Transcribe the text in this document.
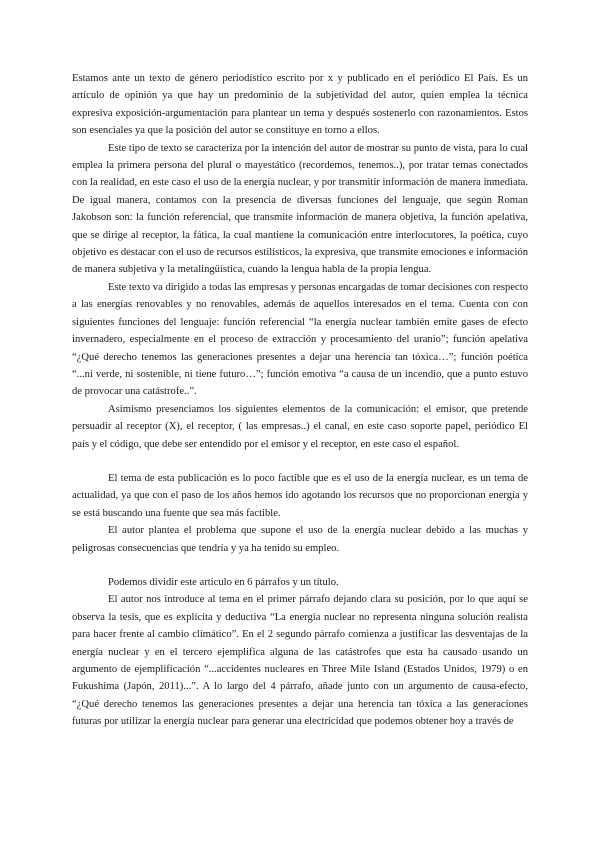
Estamos ante un texto de género periodístico escrito por x y publicado en el periódico El País. Es un artículo de opinión ya que hay un predominio de la subjetividad del autor, quien emplea la técnica expresiva exposición-argumentación para plantear un tema y después sostenerlo con razonamientos. Estos son esenciales ya que la posición del autor se constituye en torno a ellos.

Este tipo de texto se caracteriza por la intención del autor de mostrar su punto de vista, para lo cual emplea la primera persona del plural o mayestático (recordemos, tenemos..), por tratar temas conectados con la realidad, en este caso el uso de la energía nuclear, y por transmitir información de manera inmediata. De igual manera, contamos con la presencia de diversas funciones del lenguaje, que según Roman Jakobson son: la función referencial, que transmite información de manera objetiva, la función apelativa, que se dirige al receptor, la fática, la cual mantiene la comunicación entre interlocutores, la poética, cuyo objetivo es destacar con el uso de recursos estilísticos, la expresiva, que transmite emociones e información de manera subjetiva y la metalingüística, cuando la lengua habla de la propia lengua.

Este texto va dirigido a todas las empresas y personas encargadas de tomar decisiones con respecto a las energías renovables y no renovables, además de aquellos interesados en el tema. Cuenta con con siguientes funciones del lenguaje: función referencial “la energía nuclear también emite gases de efecto invernadero, especialmente en el proceso de extracción y procesamiento del uranio”; función apelativa “¿Qué derecho tenemos las generaciones presentes a dejar una herencia tan tóxica…”; función poética “...ni verde, ni sostenible, ni tiene futuro…”; función emotiva “a causa de un incendio, que a punto estuvo de provocar una catástrofe..”.

Asimismo presenciamos los siguientes elementos de la comunicación: el emisor, que pretende persuadir al receptor (X), el receptor, ( las empresas..) el canal, en este caso soporte papel, periódico El país y el código, que debe ser entendido por el emisor y el receptor, en este caso el español.

El tema de esta publicación es lo poco factible que es el uso de la energía nuclear, es un tema de actualidad, ya que con el paso de los años hemos ido agotando los recursos que no proporcionan energía y se está buscando una fuente que sea más factible.

El autor plantea el problema que supone el uso de la energía nuclear debido a las muchas y peligrosas consecuencias que tendría y ya ha tenido su empleo.

Podemos dividir este artículo en 6 párrafos y un título.

El autor nos introduce al tema en el primer párrafo dejando clara su posición, por lo que aquí se observa la tesis, que es explícita y deductiva “La energía nuclear no representa ninguna solución realista para hacer frente al cambio climático”. En el 2 segundo párrafo comienza a justificar las desventajas de la energía nuclear y en el tercero ejemplifica alguna de las catástrofes que esta ha causado usando un argumento de ejemplificación “...accidentes nucleares en Three Mile Island (Estados Unidos, 1979) o en Fukushima (Japón, 2011)...”. A lo largo del 4 párrafo, añade junto con un argumento de causa-efecto, “¿Qué derecho tenemos las generaciones presentes a dejar una herencia tan tóxica a las generaciones futuras por utilizar la energía nuclear para generar una electricidad que podemos obtener hoy a través de
